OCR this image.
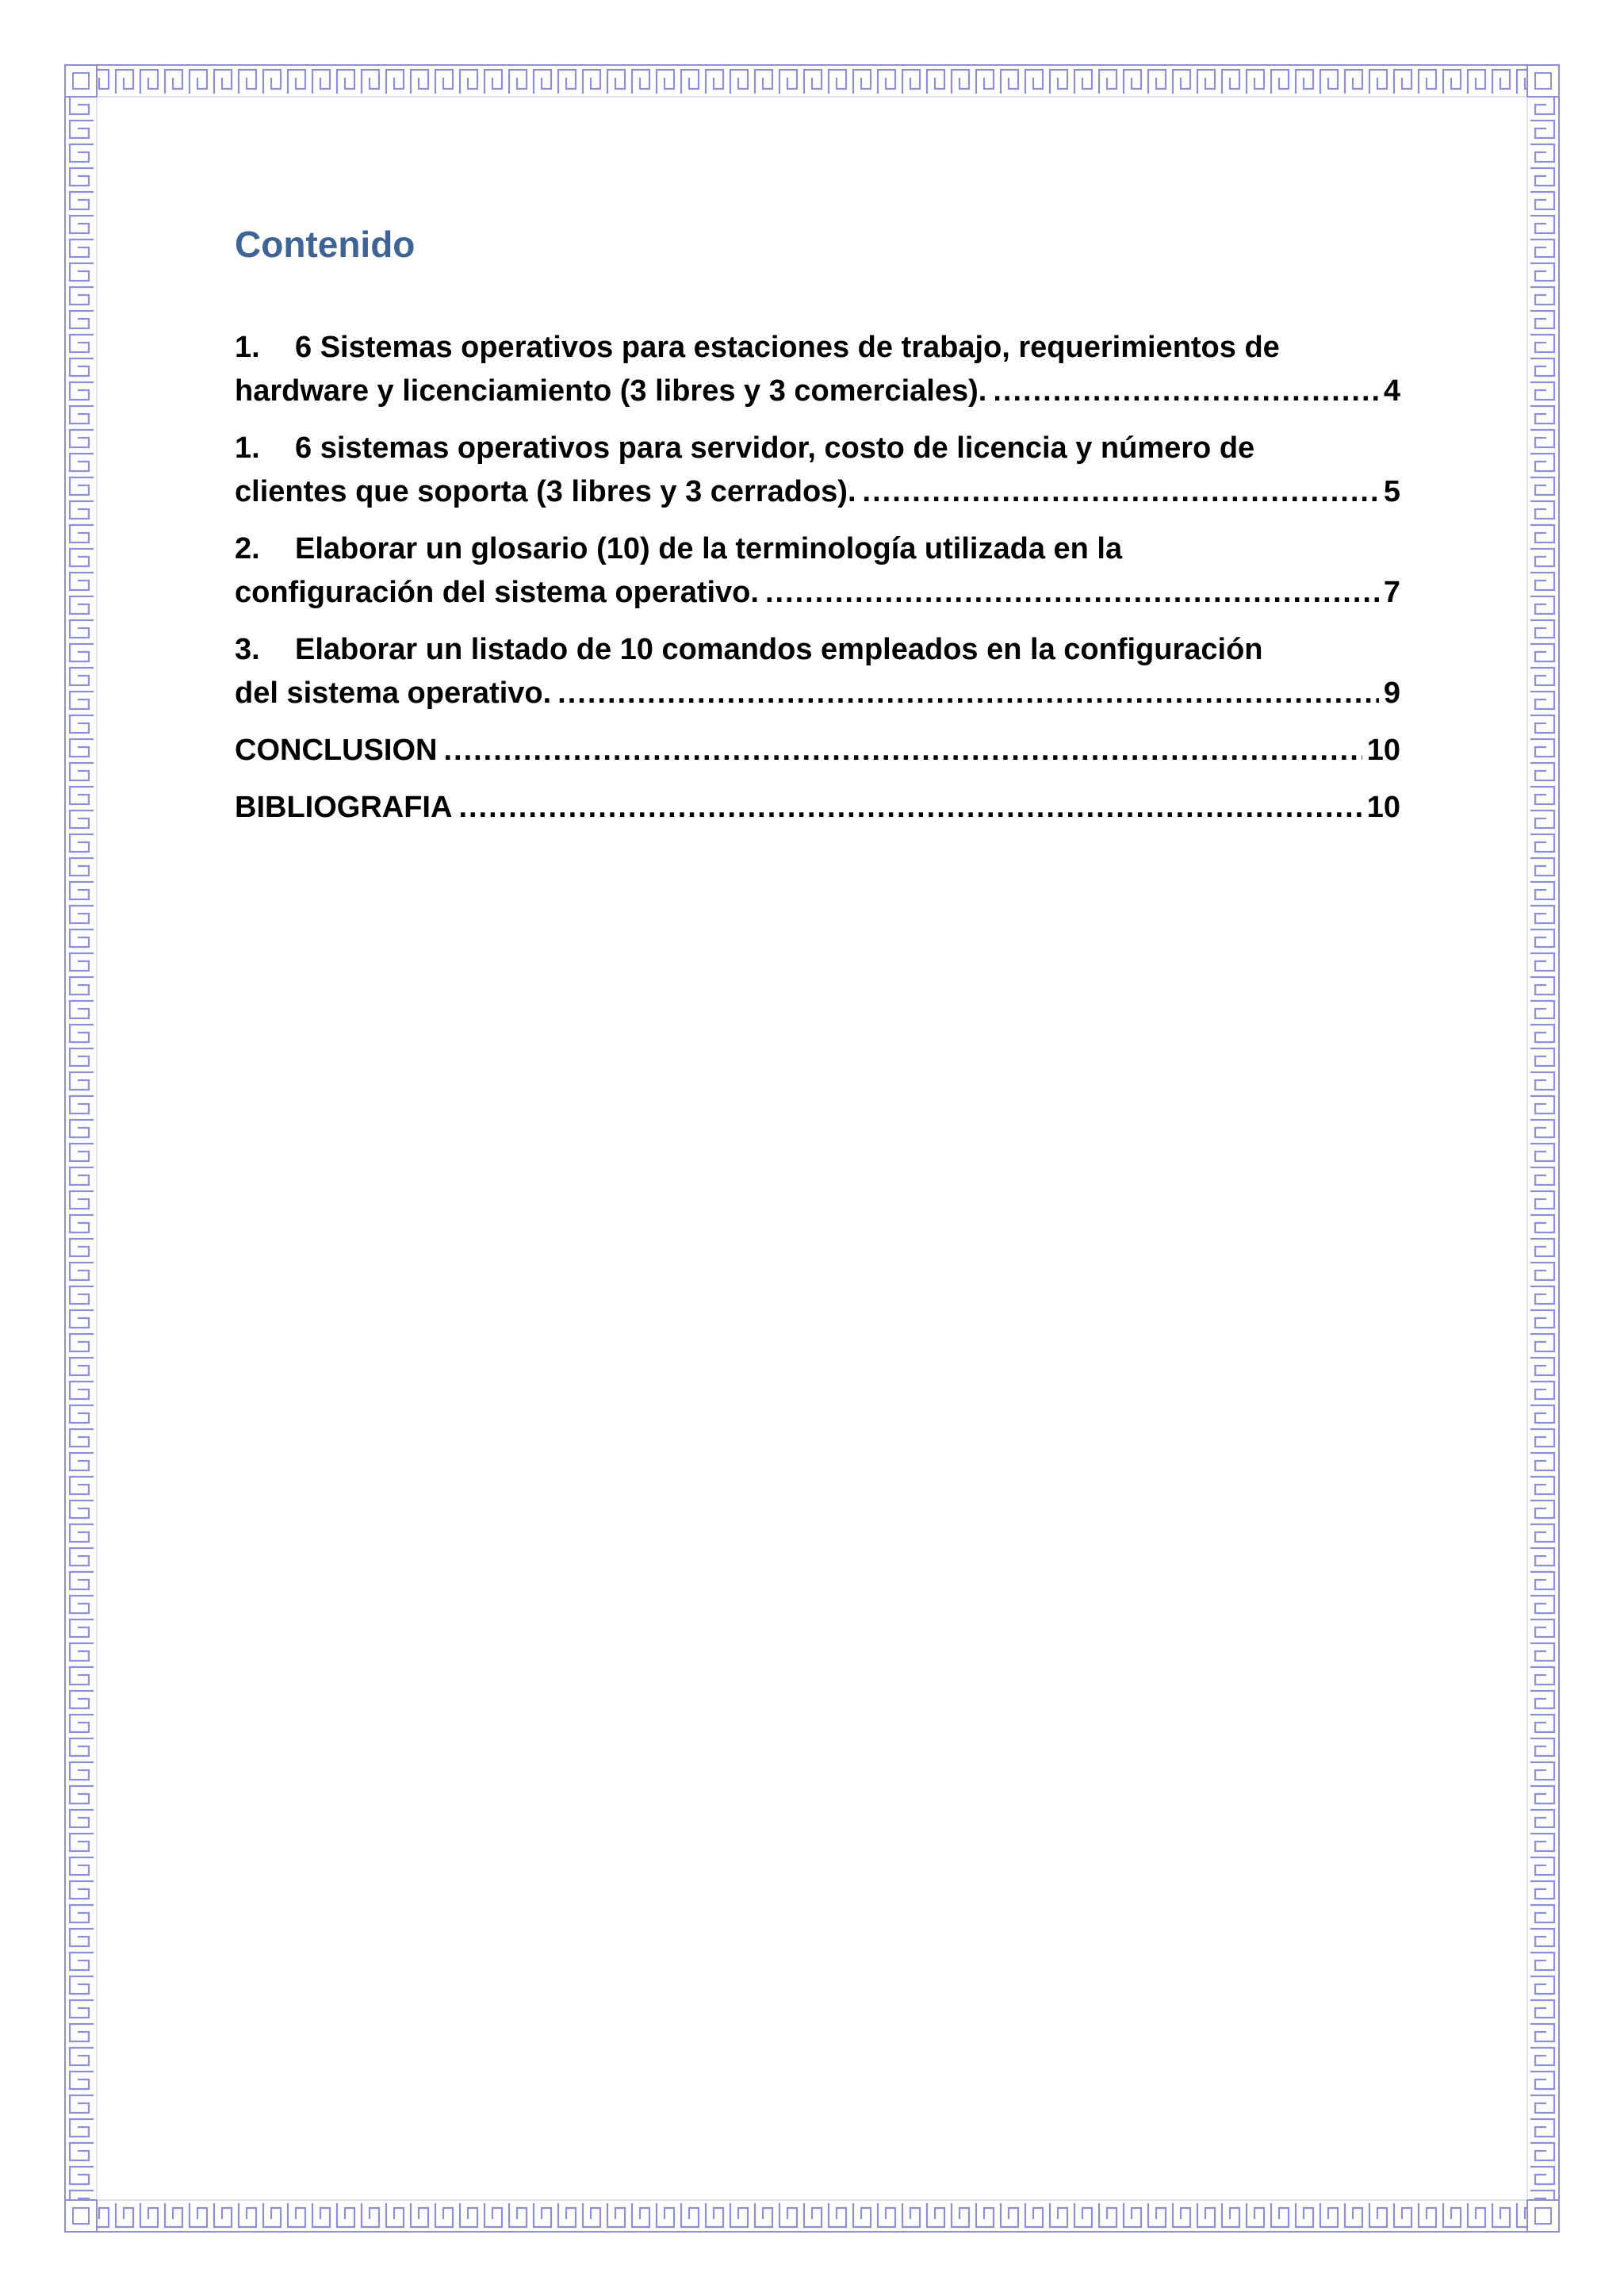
Contenido
1. 6 Sistemas operativos para estaciones de trabajo, requerimientos de
hardware y licenciamiento (3 libres y 3 comerciales). .....	4
1. 6 sistemas operativos para servidor, costo de licencia y número de
clientes que soporta (3 libres y 3 cerrados). .....	5
2. Elaborar un glosario (10) de la terminología utilizada en la
configuración del sistema operativo. .....	7
3. Elaborar un listado de 10 comandos empleados en la configuración
del sistema operativo. .....	9
CONCLUSION .....	10
BIBLIOGRAFIA .....	10
